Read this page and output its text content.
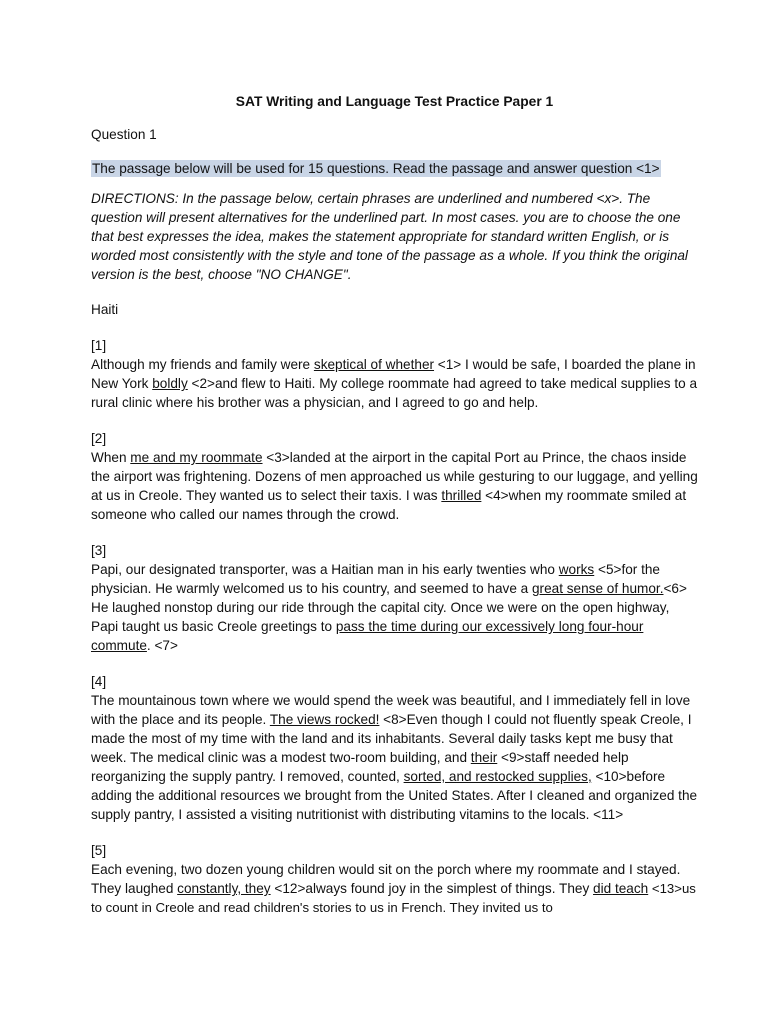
SAT Writing and Language Test Practice Paper 1
Question 1
The passage below will be used for 15 questions. Read the passage and answer question <1>
DIRECTIONS: In the passage below, certain phrases are underlined and numbered <x>. The question will present alternatives for the underlined part. In most cases. you are to choose the one that best expresses the idea, makes the statement appropriate for standard written English, or is worded most consistently with the style and tone of the passage as a whole. If you think the original version is the best, choose "NO CHANGE".
Haiti
[1]
Although my friends and family were skeptical of whether <1> I would be safe, I boarded the plane in New York boldly <2>and flew to Haiti. My college roommate had agreed to take medical supplies to a rural clinic where his brother was a physician, and I agreed to go and help.
[2]
When me and my roommate <3>landed at the airport in the capital Port au Prince, the chaos inside the airport was frightening. Dozens of men approached us while gesturing to our luggage, and yelling at us in Creole. They wanted us to select their taxis. I was thrilled <4>when my roommate smiled at someone who called our names through the crowd.
[3]
Papi, our designated transporter, was a Haitian man in his early twenties who works <5>for the physician. He warmly welcomed us to his country, and seemed to have a great sense of humor.<6> He laughed nonstop during our ride through the capital city. Once we were on the open highway, Papi taught us basic Creole greetings to pass the time during our excessively long four-hour commute. <7>
[4]
The mountainous town where we would spend the week was beautiful, and I immediately fell in love with the place and its people. The views rocked! <8>Even though I could not fluently speak Creole, I made the most of my time with the land and its inhabitants. Several daily tasks kept me busy that week. The medical clinic was a modest two-room building, and their <9>staff needed help reorganizing the supply pantry. I removed, counted, sorted, and restocked supplies, <10>before adding the additional resources we brought from the United States. After I cleaned and organized the supply pantry, I assisted a visiting nutritionist with distributing vitamins to the locals. <11>
[5]
Each evening, two dozen young children would sit on the porch where my roommate and I stayed. They laughed constantly, they <12>always found joy in the simplest of things. They did teach <13>us to count in Creole and read children's stories to us in French. They invited us to
